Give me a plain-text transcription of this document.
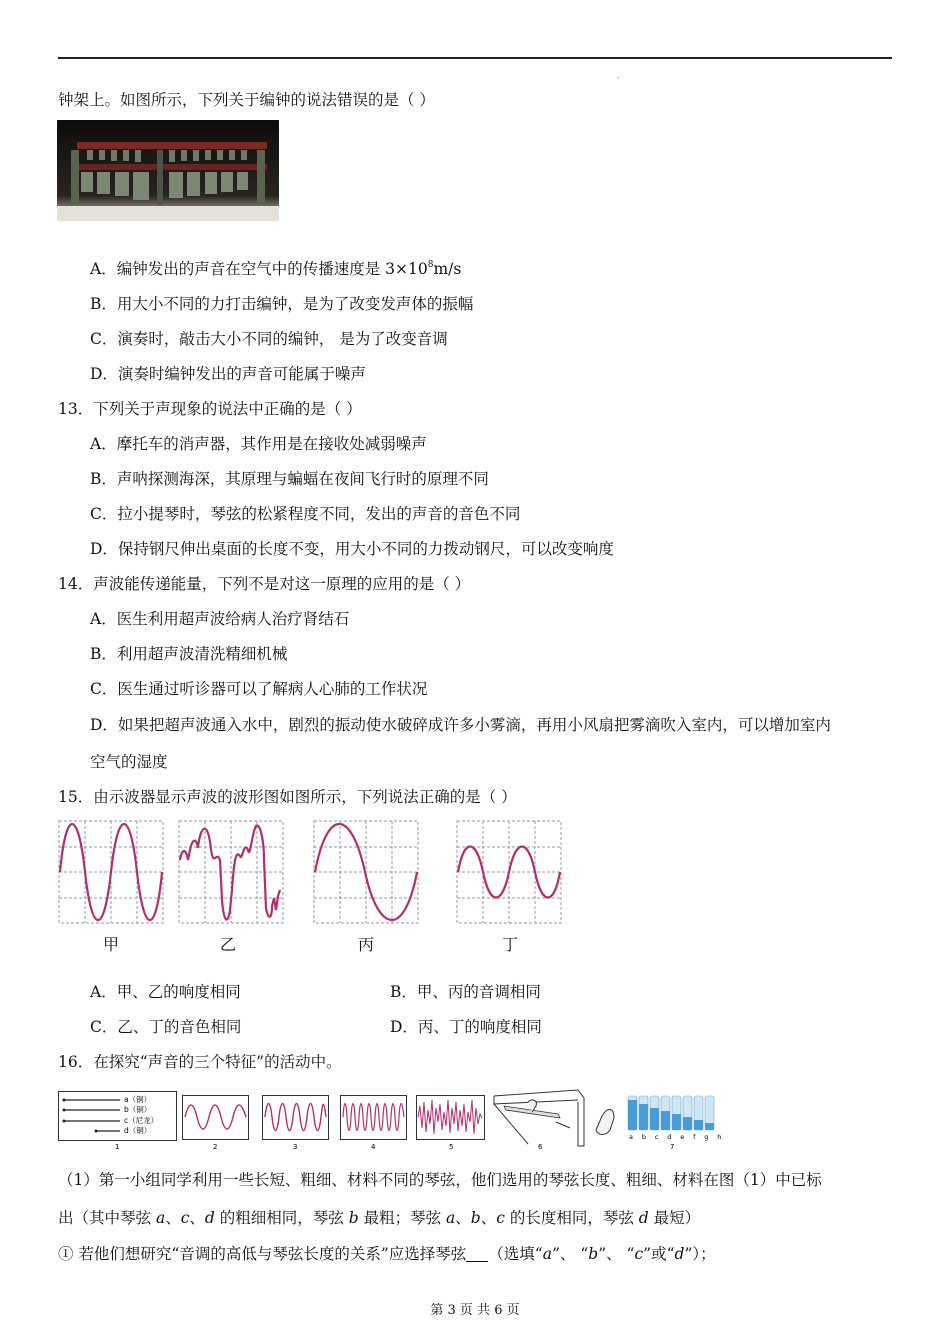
.
钟架上。如图所示，下列关于编钟的说法错误的是（ ）
A．编钟发出的声音在空气中的传播速度是 $3\times 10^8m/s$
B．用大小不同的力打击编钟，是为了改变发声体的振幅
C．演奏时，敲击大小不同的编钟， 是为了改变音调
D．演奏时编钟发出的声音可能属于噪声
13．下列关于声现象的说法中正确的是（ ）
A．摩托车的消声器，其作用是在接收处减弱噪声
B．声呐探测海深，其原理与蝙蝠在夜间飞行时的原理不同
C．拉小提琴时，琴弦的松紧程度不同，发出的声音的音色不同
D．保持钢尺伸出桌面的长度不变，用大小不同的力拨动钢尺，可以改变响度
14．声波能传递能量，下列不是对这一原理的应用的是（ ）
A．医生利用超声波给病人治疗肾结石
B．利用超声波清洗精细机械
C．医生通过听诊器可以了解病人心肺的工作状况
D．如果把超声波通入水中，剧烈的振动使水破碎成许多小雾滴，再用小风扇把雾滴吹入室内，可以增加室内
空气的湿度
15．由示波器显示声波的波形图如图所示，下列说法正确的是（ ）
甲	乙	丙	丁
A．甲、乙的响度相同	B．甲、丙的音调相同
C．乙、丁的音色相同	D．丙、丁的响度相同
16．在探究“声音的三个特征”的活动中。
a（铜）
b（铜）
c（尼龙）
d（铜）
1	2	3	4	5	6
a b c d e f g h
7
（1）第一小组同学利用一些长短、粗细、材料不同的琴弦，他们选用的琴弦长度、粗细、材料在图（1）中已标
出（其中琴弦 a、c、d 的粗细相同，琴弦 b 最粗；琴弦 a、b、c 的长度相同，琴弦 d 最短）
① 若他们想研究“音调的高低与琴弦长度的关系”应选择琴弦 （选填“a”、 “b”、 “c”或“d”）；
第 3 页 共 6 页
